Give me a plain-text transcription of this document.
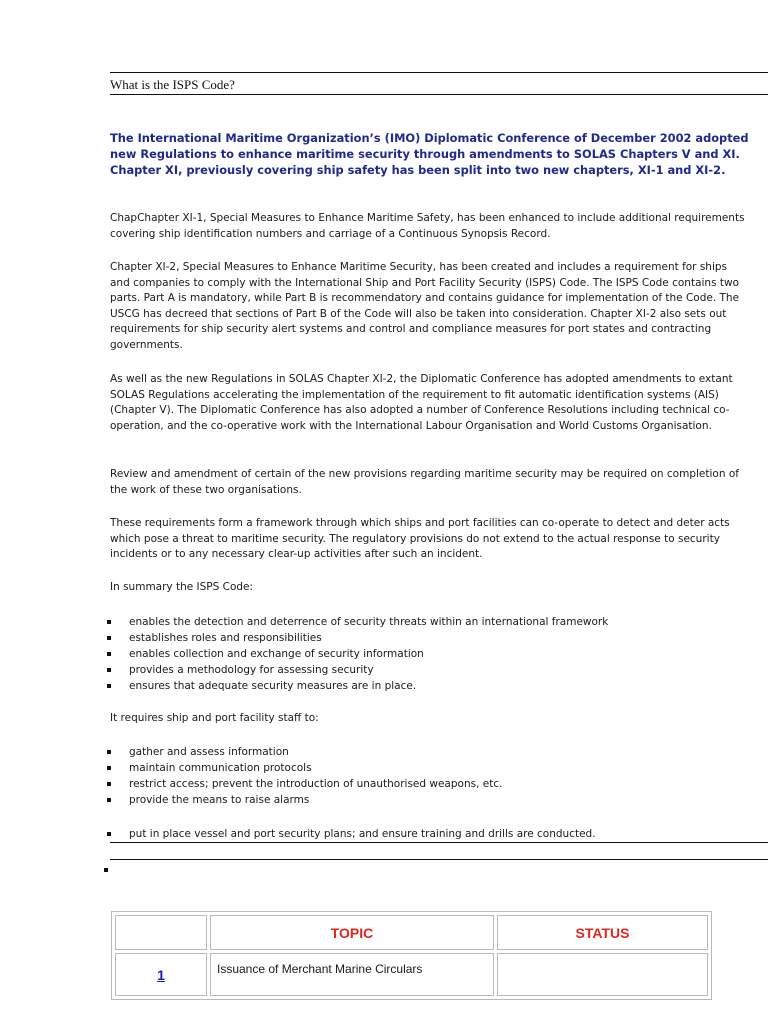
What is the ISPS Code?

The International Maritime Organization’s (IMO) Diplomatic Conference of December 2002 adopted new Regulations to enhance maritime security through amendments to SOLAS Chapters V and XI. Chapter XI, previously covering ship safety has been split into two new chapters, XI-1 and XI-2.

ChapChapter XI-1, Special Measures to Enhance Maritime Safety, has been enhanced to include additional requirements covering ship identification numbers and carriage of a Continuous Synopsis Record.

Chapter XI-2, Special Measures to Enhance Maritime Security, has been created and includes a requirement for ships and companies to comply with the International Ship and Port Facility Security (ISPS) Code. The ISPS Code contains two parts. Part A is mandatory, while Part B is recommendatory and contains guidance for implementation of the Code. The USCG has decreed that sections of Part B of the Code will also be taken into consideration. Chapter XI-2 also sets out requirements for ship security alert systems and control and compliance measures for port states and contracting governments.

As well as the new Regulations in SOLAS Chapter XI-2, the Diplomatic Conference has adopted amendments to extant SOLAS Regulations accelerating the implementation of the requirement to fit automatic identification systems (AIS) (Chapter V). The Diplomatic Conference has also adopted a number of Conference Resolutions including technical co-operation, and the co-operative work with the International Labour Organisation and World Customs Organisation.

Review and amendment of certain of the new provisions regarding maritime security may be required on completion of the work of these two organisations.

These requirements form a framework through which ships and port facilities can co-operate to detect and deter acts which pose a threat to maritime security. The regulatory provisions do not extend to the actual response to security incidents or to any necessary clear-up activities after such an incident.

In summary the ISPS Code:

enables the detection and deterrence of security threats within an international framework
establishes roles and responsibilities
enables collection and exchange of security information
provides a methodology for assessing security
ensures that adequate security measures are in place.

It requires ship and port facility staff to:

gather and assess information
maintain communication protocols
restrict access; prevent the introduction of unauthorised weapons, etc.
provide the means to raise alarms
put in place vessel and port security plans; and ensure training and drills are conducted.
	TOPIC	STATUS
1	Issuance of Merchant Marine Circulars	
